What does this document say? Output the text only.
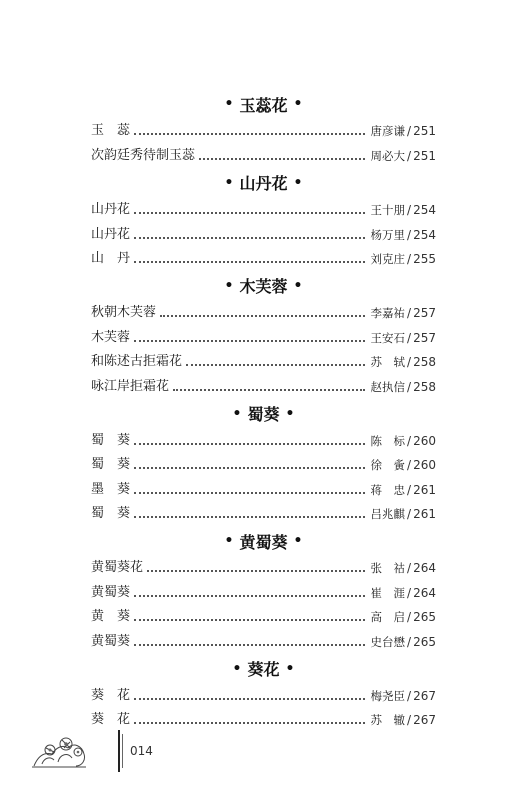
• 玉蕊花 •
玉　蕊	唐彦谦 / 251
次韵廷秀待制玉蕊	周必大 / 251
• 山丹花 •
山丹花	王十朋 / 254
山丹花	杨万里 / 254
山　丹	刘克庄 / 255
• 木芙蓉 •
秋朝木芙蓉	李嘉祐 / 257
木芙蓉	王安石 / 257
和陈述古拒霜花	苏　轼 / 258
咏江岸拒霜花	赵执信 / 258
• 蜀葵 •
蜀　葵	陈　标 / 260
蜀　葵	徐　夤 / 260
墨　葵	蒋　忠 / 261
蜀　葵	吕兆麒 / 261
• 黄蜀葵 •
黄蜀葵花	张　祜 / 264
黄蜀葵	崔　涯 / 264
黄　葵	高　启 / 265
黄蜀葵	史台懋 / 265
• 葵花 •
葵　花	梅尧臣 / 267
葵　花	苏　辙 / 267
014
